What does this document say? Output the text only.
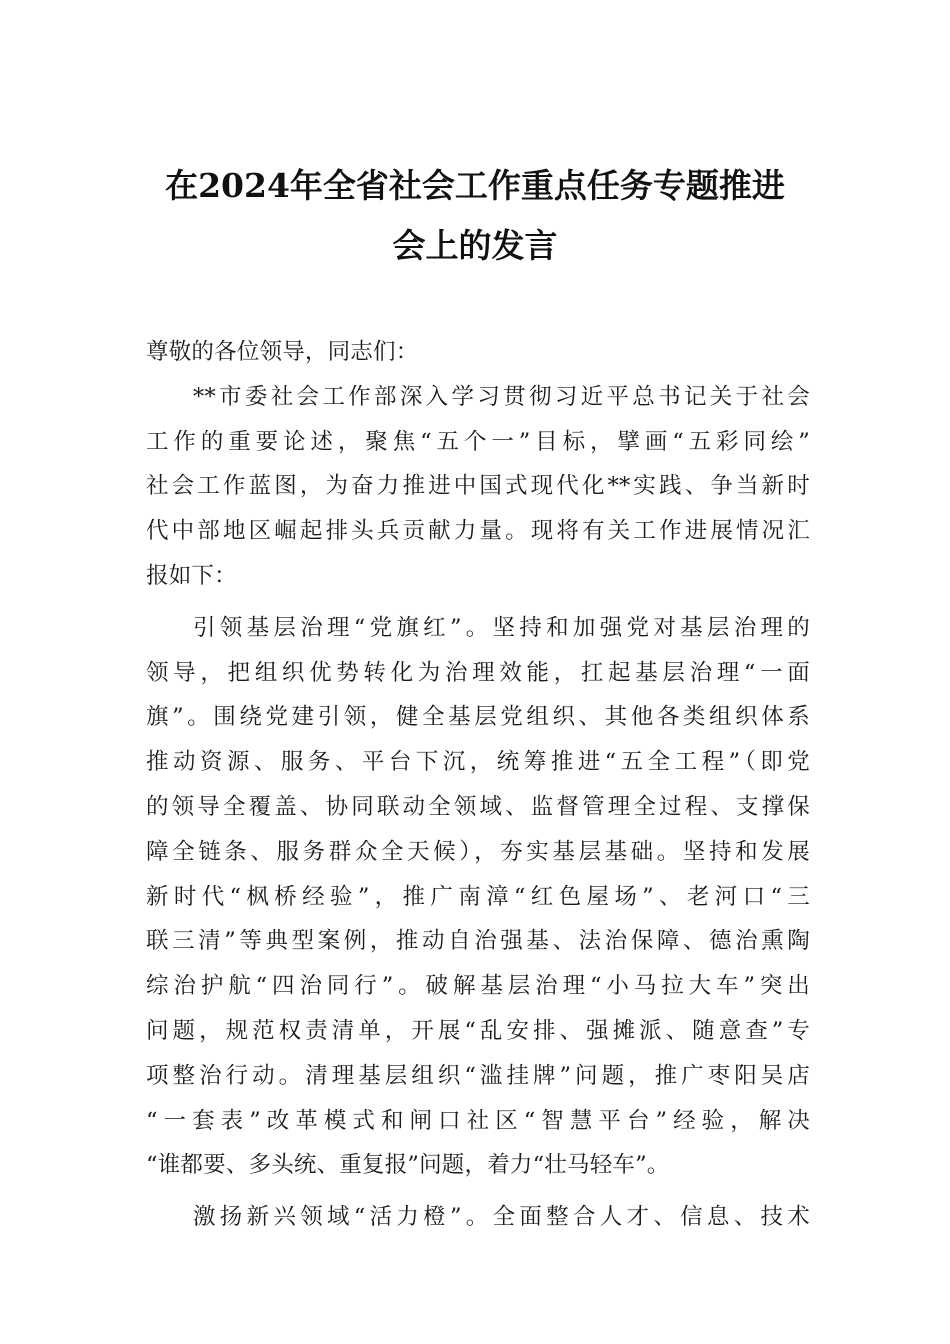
在2024年全省社会工作重点任务专题推进
会上的发言
尊敬的各位领导，同志们：
**市委社会工作部深入学习贯彻习近平总书记关于社会
工作的重要论述，聚焦“五个一”目标，擘画“五彩同绘”
社会工作蓝图，为奋力推进中国式现代化**实践、争当新时
代中部地区崛起排头兵贡献力量。现将有关工作进展情况汇
报如下：
引领基层治理“党旗红”。坚持和加强党对基层治理的
领导，把组织优势转化为治理效能，扛起基层治理“一面
旗”。围绕党建引领，健全基层党组织、其他各类组织体系
推动资源、服务、平台下沉，统筹推进“五全工程”（即党
的领导全覆盖、协同联动全领域、监督管理全过程、支撑保
障全链条、服务群众全天候），夯实基层基础。坚持和发展
新时代“枫桥经验”，推广南漳“红色屋场”、老河口“三
联三清”等典型案例，推动自治强基、法治保障、德治熏陶
综治护航“四治同行”。破解基层治理“小马拉大车”突出
问题，规范权责清单，开展“乱安排、强摊派、随意查”专
项整治行动。清理基层组织“滥挂牌”问题，推广枣阳吴店
“一套表”改革模式和闸口社区“智慧平台”经验，解决
“谁都要、多头统、重复报”问题，着力“壮马轻车”。
激扬新兴领域“活力橙”。全面整合人才、信息、技术
